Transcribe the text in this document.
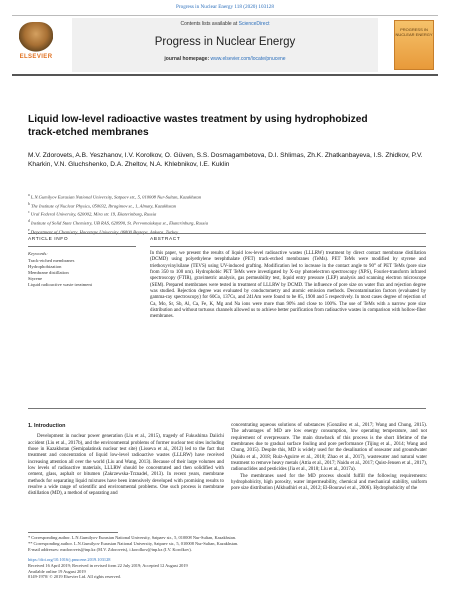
Progress in Nuclear Energy 118 (2020) 103128
ELSEVIER
Contents lists available at ScienceDirect
Progress in Nuclear Energy
journal homepage: www.elsevier.com/locate/pnucene
PROGRESS IN NUCLEAR ENERGY
Liquid low-level radioactive wastes treatment by using hydrophobized track-etched membranes
M.V. Zdorovets, A.B. Yeszhanov, I.V. Korolkov, O. Güven, S.S. Dosmagambetova, D.I. Shlimas, Zh.K. Zhatkanbayeva, I.S. Zhidkov, P.V. Kharkin, V.N. Gluchshenko, D.A. Zheltov, N.A. Khlebnikov, I.E. Kuklin
$^a$ L.N.Gumilyov Eurasian National University, Satpaev str., 5, 010008 Nur-Sultan, Kazakhstan
$^b$ The Institute of Nuclear Physics, 050032, Ibragimov st., 1, Almaty, Kazakhstan
$^c$ Ural Federal University, 620002, Mira str. 19, Ekaterinburg, Russia
$^d$ Institute of Solid State Chemistry, UB RAS, 620990, St. Pervomaiskaya st., Ekaterinburg, Russia
$^e$ Department of Chemistry, Hacettepe University, 06800 Beytepe, Ankara, Turkey
ARTICLE INFO	ABSTRACT
Keywords:
Track-etched membranes
Hydrophobization
Membrane distillation
Styrene
Liquid radioactive waste treatment
In this paper, we present the results of liquid low-level radioactive wastes (LLLRW) treatment by direct contact membrane distillation (DCMD) using polyethylene terephthalate (PET) track-etched membranes (TeMs). PET TeMs were modified by styrene and triethoxyvinylsilane (TEVS) using UV-induced grafting. Modification led to increase in the contact angle to 90° of PET TeMs (pore size from 350 to 100 nm). Hydrophobic PET TeMs were investigated by X-ray photoelectron spectroscopy (XPS), Fourier-transform infrared spectroscopy (FTIR), gravimetric analysis, gas permeability test, liquid entry pressure (LEP) analysis and scanning electron microscope (SEM). Prepared membranes were tested in treatment of LLLRW by DCMD. The influence of pore size on water flux and rejection degree was studied. Rejection degree was evaluated by conductometry and atomic emission methods. Decontamination factors (evaluated by gamma-ray spectroscopy) for 60Co, 137Cs, and 241Am were found to be 85, 1900 and 5 respectively. In most cases degree of rejection of Ca, Mo, Sr, Sb, Al, Ca, Fe, K, Mg and Na ions were more than 90% and close to 100%. The use of TeMs with a narrow pore size distribution and without tortuous channels allowed us to achieve better purification from radioactive wastes in comparison with hollow-fiber membranes.
1. Introduction

Development in nuclear power generation (Liu et al., 2015), tragedy of Fukushima Daiichi accident (Liu et al., 2017b), and the environmental problems of former nuclear test sites including those in Kazakhstan (Semipalatinsk nuclear test site) (Lisseva et al., 2012) led to the fact that treatment and concentration of liquid low-level radioactive wastes (LLLRW) have received increasing attention all over the world (Liu and Wang, 2013). Because of their large volumes and low levels of radioactive materials, LLLRW should be concentrated and then solidified with cement, glass, asphalt or bitumen (Zakrzewska-Trznadel, 2013). In recent years, membrane methods for separating liquid mixtures have been intensively developed with promising results to resolve a wide range of scientific and environmental problems. One such process is membrane distillation (MD), a method of separating and

concentrating aqueous solutions of substances (González et al., 2017; Wang and Chung, 2015). The advantages of MD are low energy consumption, low operating temperature, and not requirement of overpressure. The main drawback of this process is the short lifetime of the membranes due to gradual surface fouling and pore performance (Tijing et al., 2014; Wang and Chung, 2015). Despite this, MD is widely used for the desalination of seawater and groundwater (Naidu et al., 2018; Ruiz-Aguirre et al., 2018; Zhao et al., 2017), wastewater and natural water treatment to remove heavy metals (Attia et al., 2017; Naidu et al., 2017; Quist-Jensen et al., 2017), radionuclides and pesticides (Jia et al., 2018; Liu et al., 2017a).

The membranes used for the MD process should fulfill the following requirements: hydrophobicity, high porosity, water impermeability, chemical and mechanical stability, uniform pore size distribution (Alkhudhiri et al., 2012; El-Bourawi et al., 2006). Hydrophobicity of the

* Corresponding author. L.N.Gumilyov Eurasian National University, Satpaev str., 5, 010008 Nur-Sultan, Kazakhstan.
** Corresponding author. L.N.Gumilyov Eurasian National University, Satpaev str., 5, 010008 Nur-Sultan, Kazakhstan.
E-mail addresses: mzdorovets@inp.kz (M.V. Zdorovets), i.korolkov@inp.kz (I.V. Korolkov).
https://doi.org/10.1016/j.pnucene.2019.103128
Received 16 April 2019; Received in revised form 22 July 2019; Accepted 12 August 2019
Available online 19 August 2019
0149-1970/ © 2019 Elsevier Ltd. All rights reserved.
